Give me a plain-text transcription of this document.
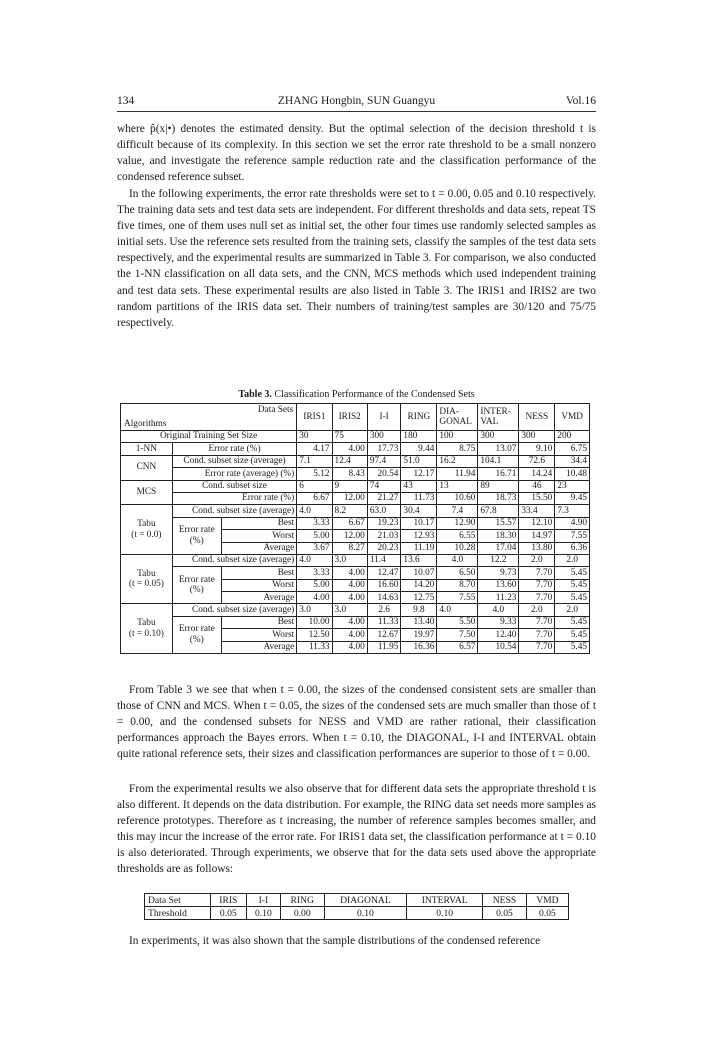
134	ZHANG Hongbin, SUN Guangyu	Vol.16

where p̂(x|•) denotes the estimated density. But the optimal selection of the decision threshold t is difficult because of its complexity. In this section we set the error rate threshold to be a small nonzero value, and investigate the reference sample reduction rate and the classification performance of the condensed reference subset.

In the following experiments, the error rate thresholds were set to t = 0.00, 0.05 and 0.10 respectively. The training data sets and test data sets are independent. For different thresholds and data sets, repeat TS five times, one of them uses null set as initial set, the other four times use randomly selected samples as initial sets. Use the reference sets resulted from the training sets, classify the samples of the test data sets respectively, and the experimental results are summarized in Table 3. For comparison, we also conducted the 1-NN classification on all data sets, and the CNN, MCS methods which used independent training and test data sets. These experimental results are also listed in Table 3. The IRIS1 and IRIS2 are two random partitions of the IRIS data set. Their numbers of training/test samples are 30/120 and 75/75 respectively.

Table 3. Classification Performance of the Condensed Sets
Data Sets
Algorithms			IRIS1	IRIS2	I-I	RING	DIA-GONAL	INTER-VAL	NESS	VMD
Original Training Set Size			30	75	300	180	100	300	300	200
1-NN	Error rate (%)		4.17	4.00	17.73	9.44	8.75	13.07	9.10	6.75
CNN	Cond. subset size (average)		7.1	12.4	97.4	51.0	16.2	104.1	72.6	34.4
	Error rate (average) (%)		5.12	8.43	20.54	12.17	11.94	16.71	14.24	10.48
MCS	Cond. subset size		6	9	74	43	13	89	46	23
	Error rate (%)		6.67	12.00	21.27	11.73	10.60	18.73	15.50	9.45
Tabu
(t = 0.0)	Cond. subset size (average)		4.0	8.2	63.0	30.4	7.4	67.8	33.4	7.3
	Error rate (%)	Best	3.33	6.67	19.23	10.17	12.90	15.57	12.10	4.90
		Worst	5.00	12.00	21.03	12.93	6.55	18.30	14.97	7.55
		Average	3.67	8.27	20.23	11.19	10.28	17.04	13.80	6.36
Tabu
(t = 0.05)	Cond. subset size (average)		4.0	3.0	11.4	13.6	4.0	12.2	2.0	2.0
	Error rate (%)	Best	3.33	4.00	12.47	10.07	6.50	9.73	7.70	5.45
		Worst	5.00	4.00	16.60	14.20	8.70	13.60	7.70	5.45
		Average	4.00	4.00	14.63	12.75	7.55	11.23	7.70	5.45
Tabu
(t = 0.10)	Cond. subset size (average)		3.0	3.0	2.6	9.8	4.0	4.0	2.0	2.0
	Error rate (%)	Best	10.00	4.00	11.33	13.40	5.50	9.33	7.70	5.45
		Worst	12.50	4.00	12.67	19.97	7.50	12.40	7.70	5.45
		Average	11.33	4.00	11.95	16.36	6.57	10.54	7.70	5.45

From Table 3 we see that when t = 0.00, the sizes of the condensed consistent sets are smaller than those of CNN and MCS. When t = 0.05, the sizes of the condensed sets are much smaller than those of t = 0.00, and the condensed subsets for NESS and VMD are rather rational, their classification performances approach the Bayes errors. When t = 0.10, the DIAGONAL, I-I and INTERVAL obtain quite rational reference sets, their sizes and classification performances are superior to those of t = 0.00.

From the experimental results we also observe that for different data sets the appropriate threshold t is also different. It depends on the data distribution. For example, the RING data set needs more samples as reference prototypes. Therefore as t increasing, the number of reference samples becomes smaller, and this may incur the increase of the error rate. For IRIS1 data set, the classification performance at t = 0.10 is also deteriorated. Through experiments, we observe that for the data sets used above the appropriate thresholds are as follows:

Data Set	IRIS	I-I	RING	DIAGONAL	INTERVAL	NESS	VMD
Threshold	0.05	0.10	0.00	0.10	0.10	0.05	0.05

In experiments, it was also shown that the sample distributions of the condensed reference
